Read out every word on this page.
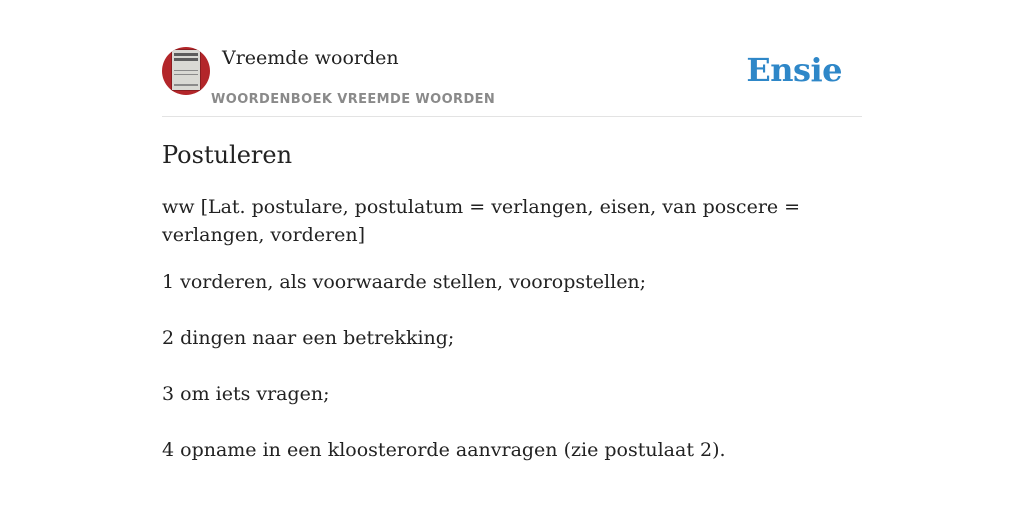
Vreemde woorden
WOORDENBOEK VREEMDE WOORDEN
Ensie
Postuleren

ww [Lat. postulare, postulatum = verlangen, eisen, van poscere = verlangen, vorderen]

1 vorderen, als voorwaarde stellen, vooropstellen;
2 dingen naar een betrekking;
3 om iets vragen;
4 opname in een kloosterorde aanvragen (zie postulaat 2).
